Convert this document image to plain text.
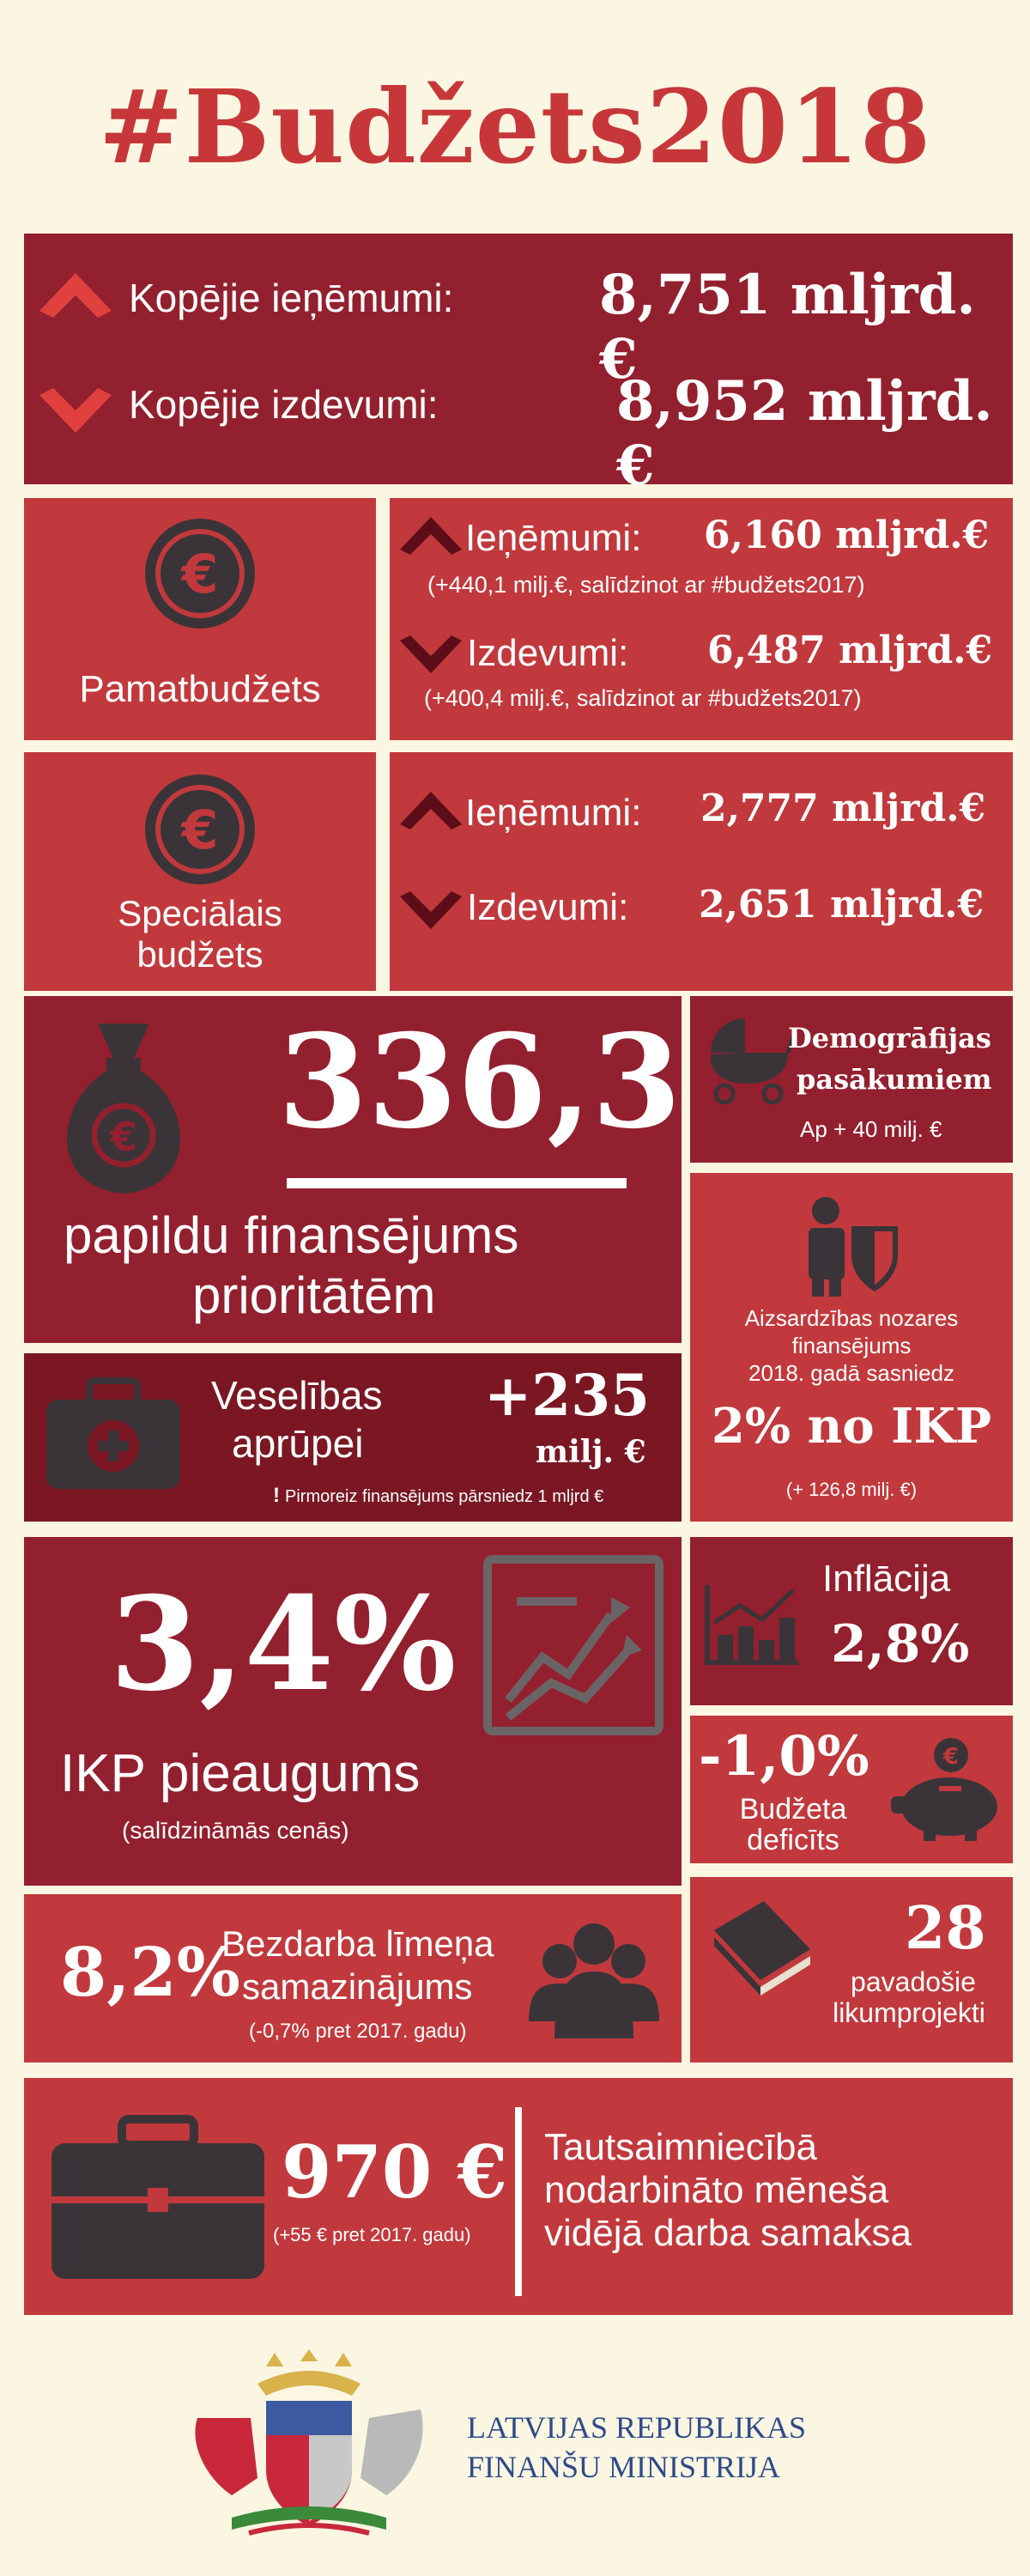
#Budžets2018
Kopējie ieņēmumi:	8,751 mljrd.€
Kopējie izdevumi:	8,952 mljrd.€
€
Pamatbudžets
Ieņēmumi: 6,160 mljrd.€
(+440,1 milj.€, salīdzinot ar #budžets2017)
Izdevumi: 6,487 mljrd.€
(+400,4 milj.€, salīdzinot ar #budžets2017)
€
Speciālais
budžets
Ieņēmumi: 2,777 mljrd.€
Izdevumi: 2,651 mljrd.€
€ 336,3
papildu finansējums
prioritātēm
Demogrāfijas
pasākumiem
Ap + 40 milj. €
Aizsardzības nozares
finansējums
2018. gadā sasniedz
2% no IKP
(+ 126,8 milj. €)
Veselības
aprūpei
+235
milj. €
! Pirmoreiz finansējums pārsniedz 1 mljrd €
3,4%
IKP pieaugums
(salīdzināmās cenās)
Inflācija
2,8%
-1,0%
Budžeta
deficīts
€
8,2%
Bezdarba līmeņa
samazinājums
(-0,7% pret 2017. gadu)
28
pavadošie
likumprojekti
970 €
(+55 € pret 2017. gadu)
Tautsaimniecībā
nodarbināto mēneša
vidējā darba samaksa
LATVIJAS REPUBLIKAS
FINANŠU MINISTRIJA
